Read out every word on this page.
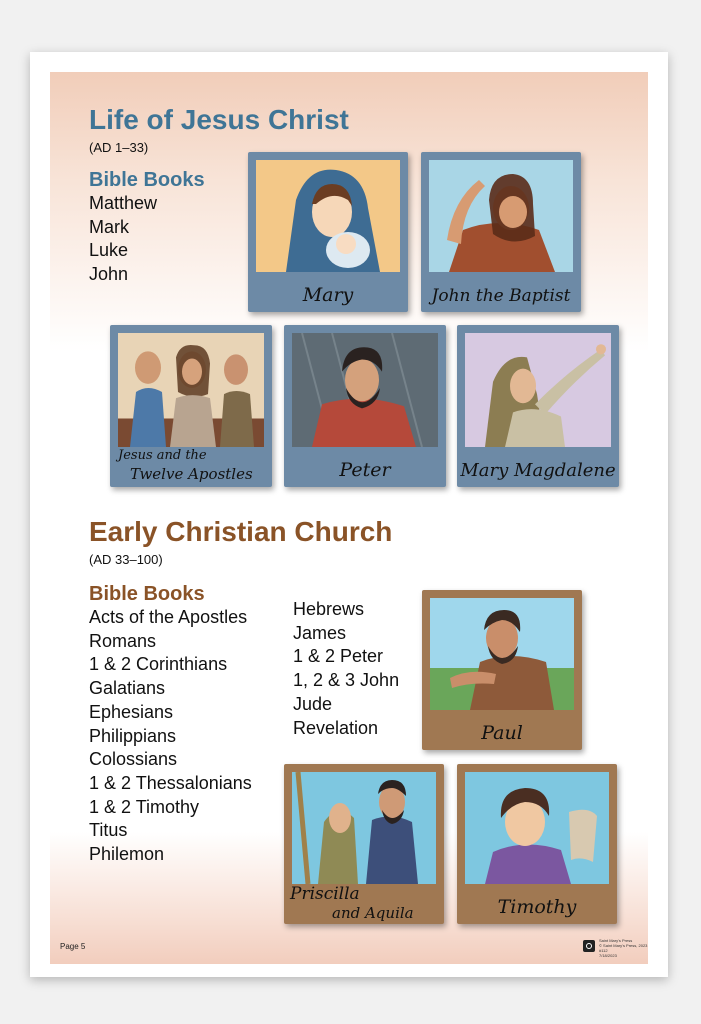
Life of Jesus Christ
(AD 1–33)
Bible Books
Matthew
Mark
Luke
John
Mary	John the Baptist
Jesus and the
Twelve Apostles	Peter	Mary Magdalene
Early Christian Church
(AD 33–100)
Bible Books
Acts of the Apostles
Romans
1 & 2 Corinthians
Galatians
Ephesians
Philippians
Colossians
1 & 2 Thessalonians
1 & 2 Timothy
Titus
Philemon
Hebrews
James
1 & 2 Peter
1, 2 & 3 John
Jude
Revelation	Paul
Priscilla
and Aquila	Timothy
Page 5
Saint Mary's Press
© Saint Mary's Press, 2023
#112
7/18/2023
